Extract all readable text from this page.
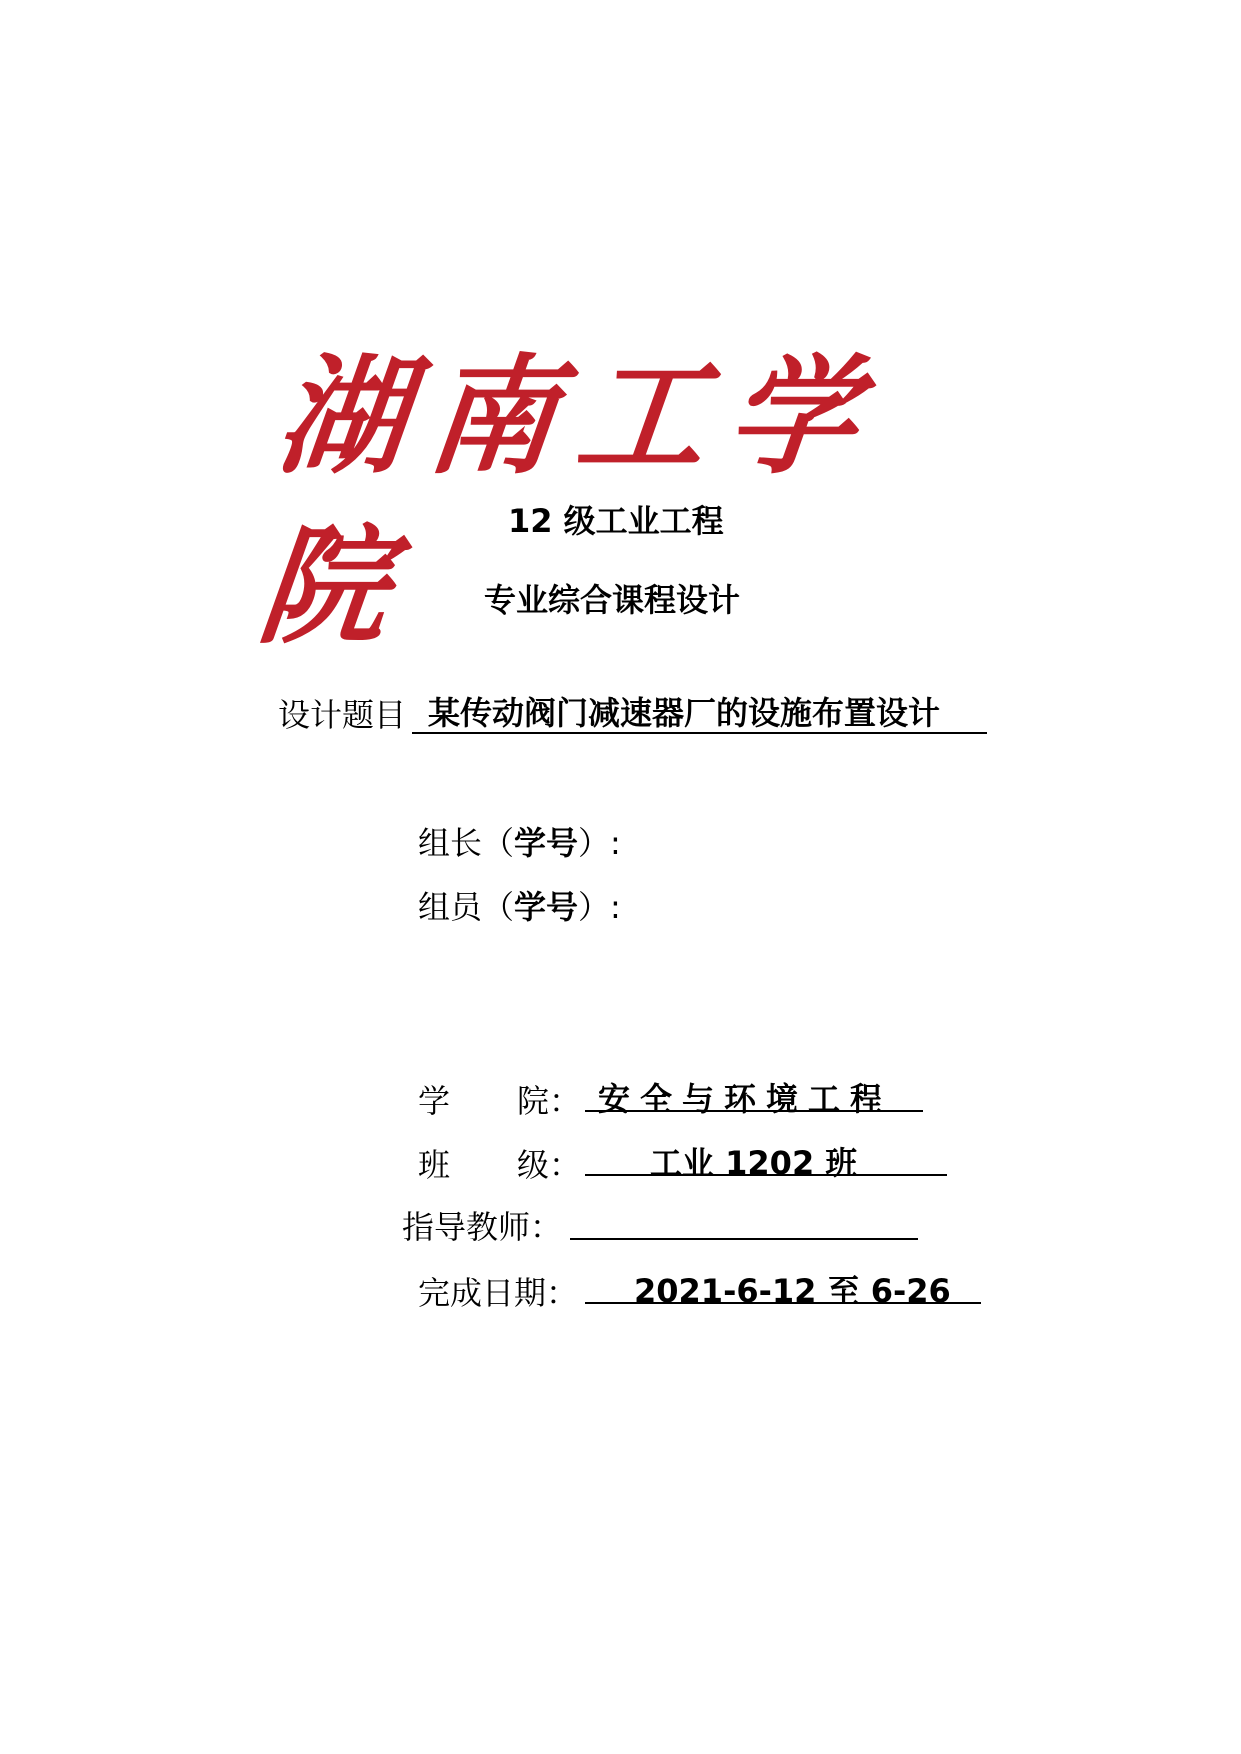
湖南工学院	12 级工业工程
专业综合课程设计
设计题目 某传动阀门减速器厂的设施布置设计
组长（学号）:
组员（学号）:
学 院： 安全与环境工程
班 级： 工业 1202 班
指导教师：
完成日期： 2021-6-12 至 6-26
